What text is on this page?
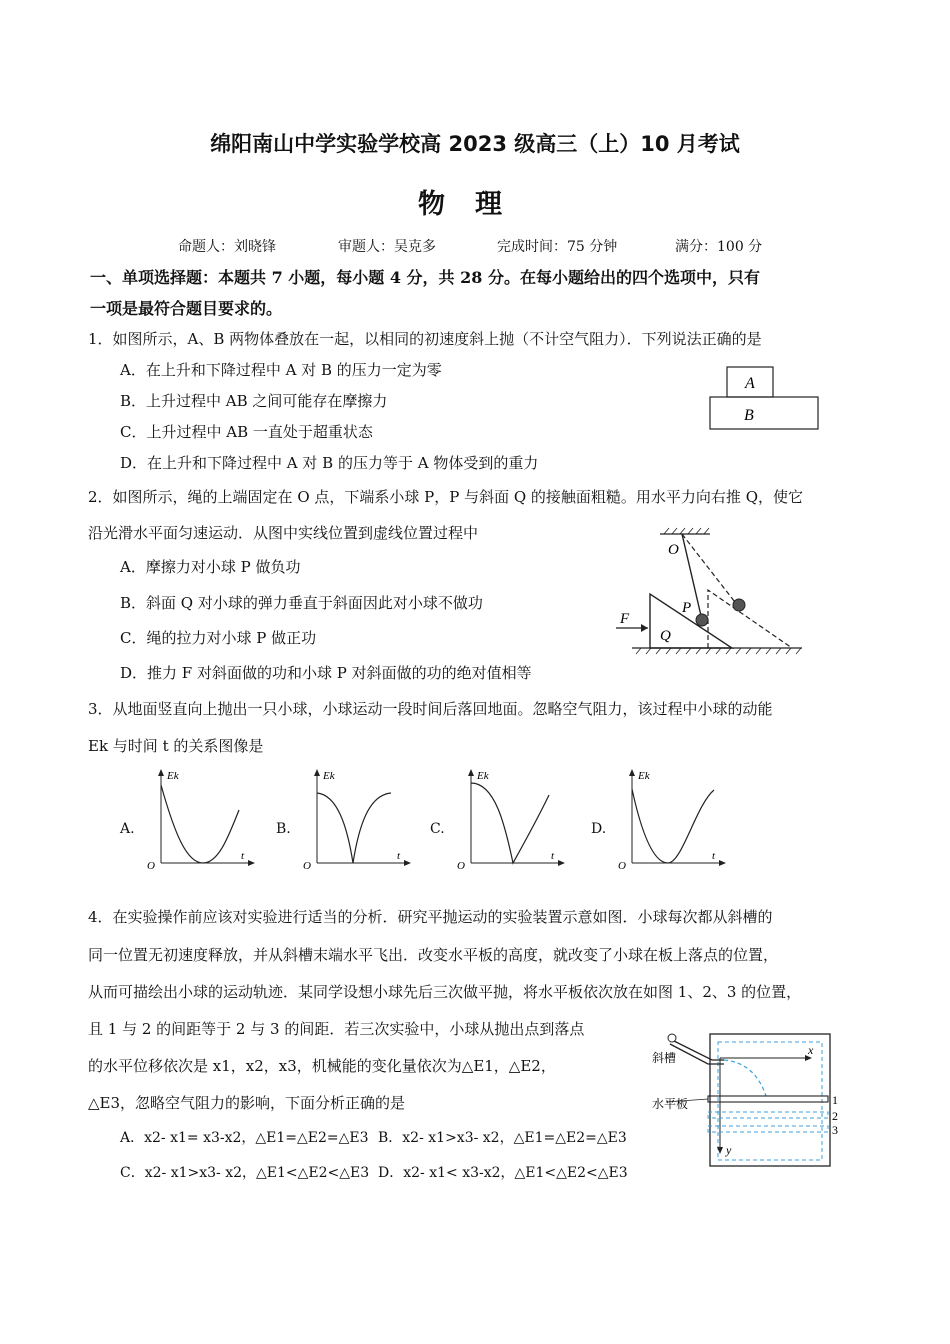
绵阳南山中学实验学校高 2023 级高三（上）10 月考试
物理
命题人：刘晓锋	审题人：吴克多	完成时间：75 分钟	满分：100 分
一、单项选择题：本题共 7 小题，每小题 4 分，共 28 分。在每小题给出的四个选项中，只有
一项是最符合题目要求的。
1．如图所示，A、B 两物体叠放在一起，以相同的初速度斜上抛（不计空气阻力）．下列说法正确的是
A．在上升和下降过程中 A 对 B 的压力一定为零
B．上升过程中 AB 之间可能存在摩擦力
C．上升过程中 AB 一直处于超重状态
D．在上升和下降过程中 A 对 B 的压力等于 A 物体受到的重力
A
B
2．如图所示，绳的上端固定在 O 点，下端系小球 P，P 与斜面 Q 的接触面粗糙。用水平力向右推 Q，使它
沿光滑水平面匀速运动．从图中实线位置到虚线位置过程中
A．摩擦力对小球 P 做负功
B．斜面 Q 对小球的弹力垂直于斜面因此对小球不做功
C．绳的拉力对小球 P 做正功
D．推力 F 对斜面做的功和小球 P 对斜面做的功的绝对值相等
O
P
Q
F
3．从地面竖直向上抛出一只小球，小球运动一段时间后落回地面。忽略空气阻力，该过程中小球的动能
Ek 与时间 t 的关系图像是
A.
Ek
t
O
B.
Ek
t
O
C.
Ek
t
O
D.
Ek
t
O
4．在实验操作前应该对实验进行适当的分析．研究平抛运动的实验装置示意如图．小球每次都从斜槽的
同一位置无初速度释放，并从斜槽末端水平飞出．改变水平板的高度，就改变了小球在板上落点的位置，
从而可描绘出小球的运动轨迹．某同学设想小球先后三次做平抛，将水平板依次放在如图 1、2、3 的位置，
且 1 与 2 的间距等于 2 与 3 的间距．若三次实验中，小球从抛出点到落点
的水平位移依次是 x1，x2，x3，机械能的变化量依次为△E1，△E2，
△E3，忽略空气阻力的影响，下面分析正确的是
A．x2- x1= x3-x2，△E1=△E2=△E3 B．x2- x1>x3- x2，△E1=△E2=△E3
C．x2- x1>x3- x2，△E1<△E2<△E3 D．x2- x1< x3-x2，△E1<△E2<△E3
斜槽
水平板
x
y
1
2
3
